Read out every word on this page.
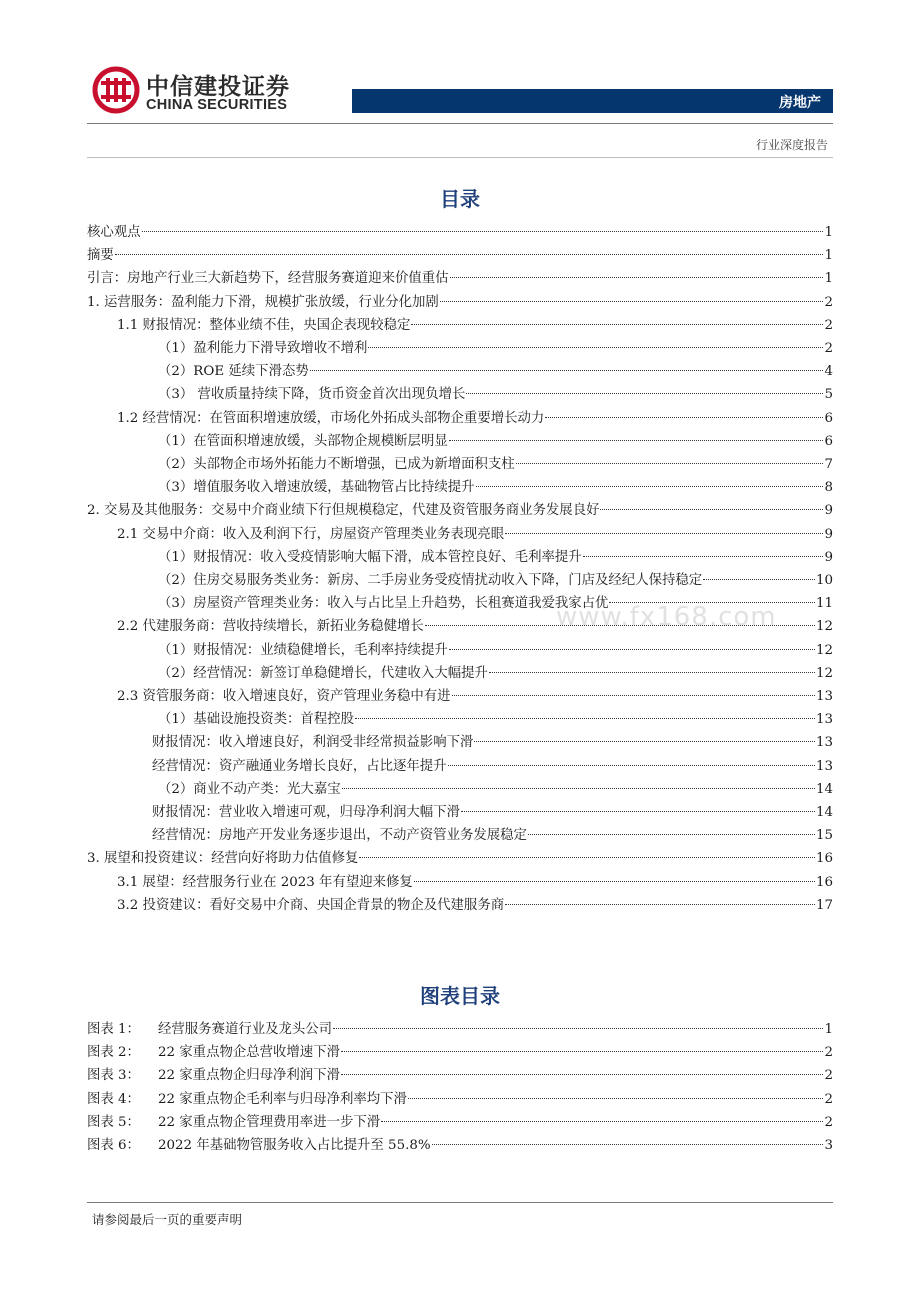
中信建投证券
CHINA SECURITIES	房地产
行业深度报告
目录
核心观点	1
摘要	1
引言：房地产行业三大新趋势下，经营服务赛道迎来价值重估	1
1. 运营服务：盈利能力下滑，规模扩张放缓，行业分化加剧	2
1.1 财报情况：整体业绩不佳，央国企表现较稳定	2
（1）盈利能力下滑导致增收不增利	2
（2）ROE 延续下滑态势	4
（3） 营收质量持续下降，货币资金首次出现负增长	5
1.2 经营情况：在管面积增速放缓，市场化外拓成头部物企重要增长动力	6
（1）在管面积增速放缓，头部物企规模断层明显	6
（2）头部物企市场外拓能力不断增强，已成为新增面积支柱	7
（3）增值服务收入增速放缓，基础物管占比持续提升	8
2. 交易及其他服务：交易中介商业绩下行但规模稳定，代建及资管服务商业务发展良好	9
2.1 交易中介商：收入及利润下行，房屋资产管理类业务表现亮眼	9
（1）财报情况：收入受疫情影响大幅下滑，成本管控良好、毛利率提升	9
（2）住房交易服务类业务：新房、二手房业务受疫情扰动收入下降，门店及经纪人保持稳定	10
（3）房屋资产管理类业务：收入与占比呈上升趋势，长租赛道我爱我家占优	11
2.2 代建服务商：营收持续增长，新拓业务稳健增长	12
（1）财报情况：业绩稳健增长，毛利率持续提升	12
（2）经营情况：新签订单稳健增长，代建收入大幅提升	12
2.3 资管服务商：收入增速良好，资产管理业务稳中有进	13
（1）基础设施投资类：首程控股	13
财报情况：收入增速良好，利润受非经常损益影响下滑	13
经营情况：资产融通业务增长良好，占比逐年提升	13
（2）商业不动产类：光大嘉宝	14
财报情况：营业收入增速可观，归母净利润大幅下滑	14
经营情况：房地产开发业务逐步退出，不动产资管业务发展稳定	15
3. 展望和投资建议：经营向好将助力估值修复	16
3.1 展望：经营服务行业在 2023 年有望迎来修复	16
3.2 投资建议：看好交易中介商、央国企背景的物企及代建服务商	17
www.fx168.com
图表目录
图表 1：	经营服务赛道行业及龙头公司	1
图表 2：	22 家重点物企总营收增速下滑	2
图表 3：	22 家重点物企归母净利润下滑	2
图表 4：	22 家重点物企毛利率与归母净利率均下滑	2
图表 5：	22 家重点物企管理费用率进一步下滑	2
图表 6：	2022 年基础物管服务收入占比提升至 55.8%	3
请参阅最后一页的重要声明
